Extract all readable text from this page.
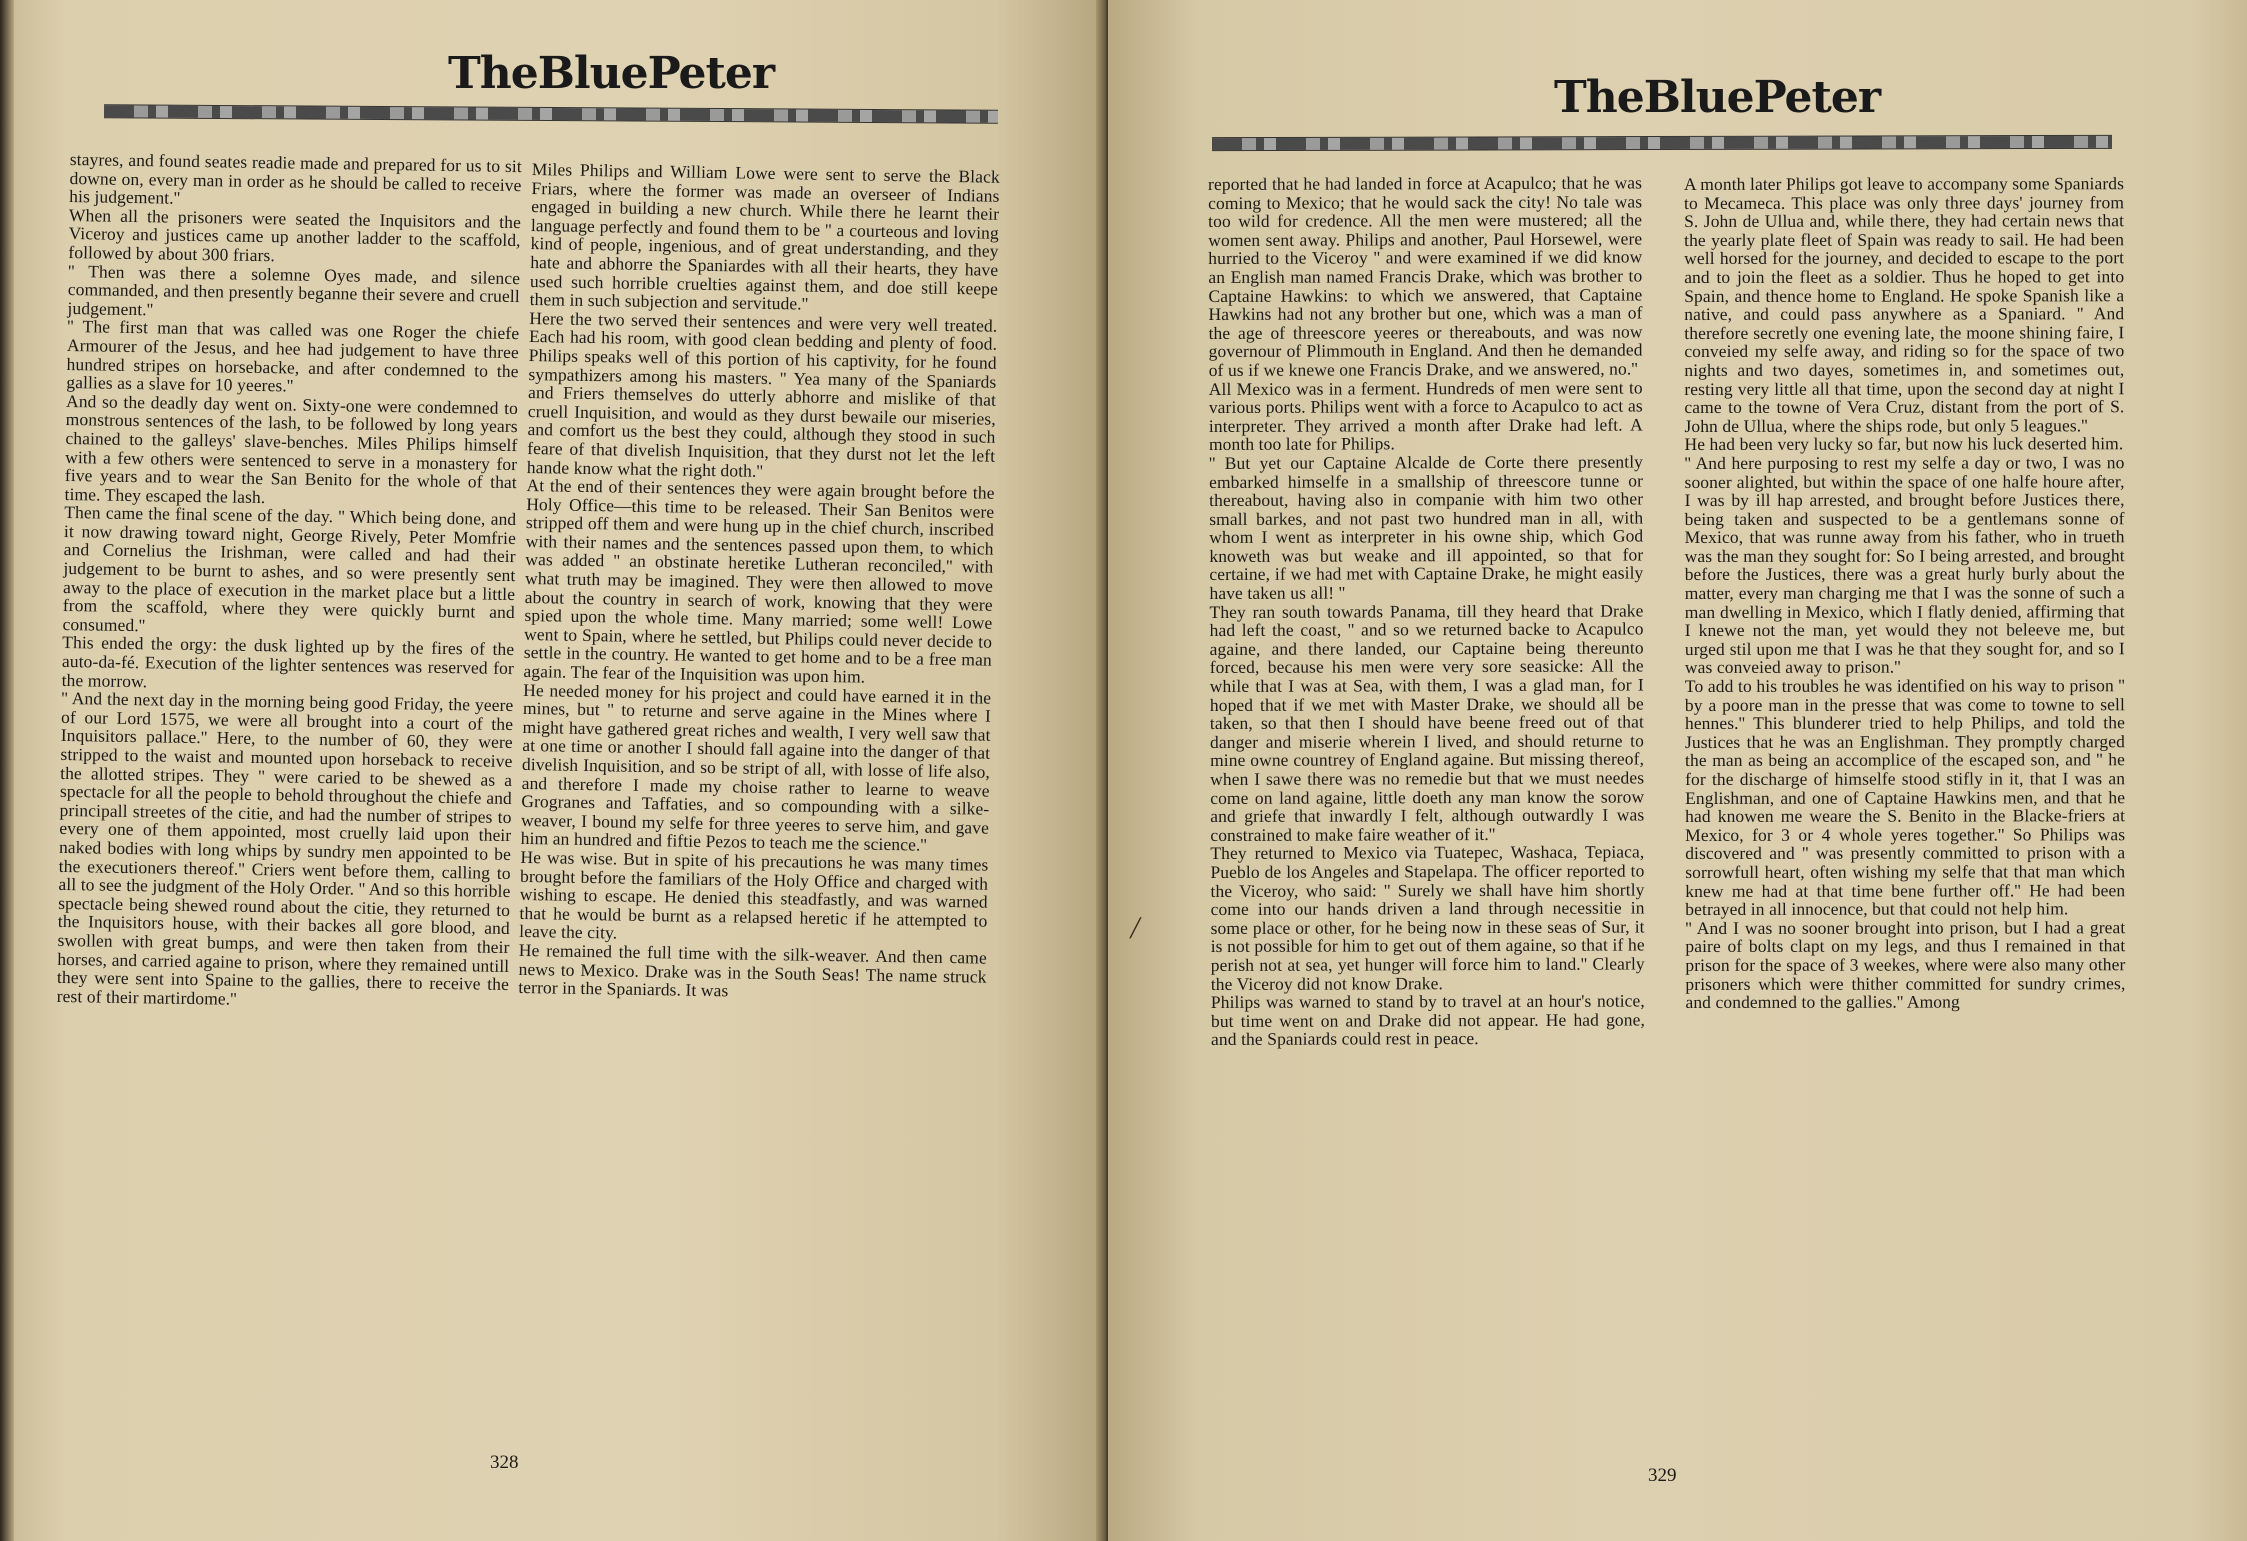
TheBluePeter
stayres, and found seates readie made and prepared for us to sit downe on, every man in order as he should be called to receive his judgement.''
When all the prisoners were seated the Inquisitors and the Viceroy and justices came up another ladder to the scaffold, followed by about 300 friars.
'' Then was there a solemne Oyes made, and silence commanded, and then presently beganne their severe and cruell judgement.''
'' The first man that was called was one Roger the chiefe Armourer of the Jesus, and hee had judgement to have three hundred stripes on horsebacke, and after condemned to the gallies as a slave for 10 yeeres.''
And so the deadly day went on. Sixty-one were condemned to monstrous sentences of the lash, to be followed by long years chained to the galleys' slave-benches. Miles Philips himself with a few others were sentenced to serve in a monastery for five years and to wear the San Benito for the whole of that time. They escaped the lash.
Then came the final scene of the day. '' Which being done, and it now drawing toward night, George Rively, Peter Momfrie and Cornelius the Irishman, were called and had their judgement to be burnt to ashes, and so were presently sent away to the place of execution in the market place but a little from the scaffold, where they were quickly burnt and consumed.''
This ended the orgy: the dusk lighted up by the fires of the auto-da-fé. Execution of the lighter sentences was reserved for the morrow.
'' And the next day in the morning being good Friday, the yeere of our Lord 1575, we were all brought into a court of the Inquisitors pallace.'' Here, to the number of 60, they were stripped to the waist and mounted upon horseback to receive the allotted stripes. They '' were caried to be shewed as a spectacle for all the people to behold throughout the chiefe and principall streetes of the citie, and had the number of stripes to every one of them appointed, most cruelly laid upon their naked bodies with long whips by sundry men appointed to be the executioners thereof.'' Criers went before them, calling to all to see the judgment of the Holy Order. '' And so this horrible spectacle being shewed round about the citie, they returned to the Inquisitors house, with their backes all gore blood, and swollen with great bumps, and were then taken from their horses, and carried againe to prison, where they remained untill they were sent into Spaine to the gallies, there to receive the rest of their martirdome.''
Miles Philips and William Lowe were sent to serve the Black Friars, where the former was made an overseer of Indians engaged in building a new church. While there he learnt their language perfectly and found them to be '' a courteous and loving kind of people, ingenious, and of great understanding, and they hate and abhorre the Spaniardes with all their hearts, they have used such horrible cruelties against them, and doe still keepe them in such subjection and servitude.''
Here the two served their sentences and were very well treated. Each had his room, with good clean bedding and plenty of food. Philips speaks well of this portion of his captivity, for he found sympathizers among his masters. '' Yea many of the Spaniards and Friers themselves do utterly abhorre and mislike of that cruell Inquisition, and would as they durst bewaile our miseries, and comfort us the best they could, although they stood in such feare of that divelish Inquisition, that they durst not let the left hande know what the right doth.''
At the end of their sentences they were again brought before the Holy Office—this time to be released. Their San Benitos were stripped off them and were hung up in the chief church, inscribed with their names and the sentences passed upon them, to which was added '' an obstinate heretike Lutheran reconciled,'' with what truth may be imagined. They were then allowed to move about the country in search of work, knowing that they were spied upon the whole time. Many married; some well! Lowe went to Spain, where he settled, but Philips could never decide to settle in the country. He wanted to get home and to be a free man again. The fear of the Inquisition was upon him.
He needed money for his project and could have earned it in the mines, but '' to returne and serve againe in the Mines where I might have gathered great riches and wealth, I very well saw that at one time or another I should fall againe into the danger of that divelish Inquisition, and so be stript of all, with losse of life also, and therefore I made my choise rather to learne to weave Grogranes and Taffaties, and so compounding with a silke-weaver, I bound my selfe for three yeeres to serve him, and gave him an hundred and fiftie Pezos to teach me the science.''
He was wise. But in spite of his precautions he was many times brought before the familiars of the Holy Office and charged with wishing to escape. He denied this steadfastly, and was warned that he would be burnt as a relapsed heretic if he attempted to leave the city.
He remained the full time with the silk-weaver. And then came news to Mexico. Drake was in the South Seas! The name struck terror in the Spaniards. It was
328
TheBluePeter
reported that he had landed in force at Acapulco; that he was coming to Mexico; that he would sack the city! No tale was too wild for credence. All the men were mustered; all the women sent away. Philips and another, Paul Horsewel, were hurried to the Viceroy '' and were examined if we did know an English man named Francis Drake, which was brother to Captaine Hawkins: to which we answered, that Captaine Hawkins had not any brother but one, which was a man of the age of threescore yeeres or thereabouts, and was now governour of Plimmouth in England. And then he demanded of us if we knewe one Francis Drake, and we answered, no.''
All Mexico was in a ferment. Hundreds of men were sent to various ports. Philips went with a force to Acapulco to act as interpreter. They arrived a month after Drake had left. A month too late for Philips.
'' But yet our Captaine Alcalde de Corte there presently embarked himselfe in a smallship of threescore tunne or thereabout, having also in companie with him two other small barkes, and not past two hundred man in all, with whom I went as interpreter in his owne ship, which God knoweth was but weake and ill appointed, so that for certaine, if we had met with Captaine Drake, he might easily have taken us all! ''
They ran south towards Panama, till they heard that Drake had left the coast, '' and so we returned backe to Acapulco againe, and there landed, our Captaine being thereunto forced, because his men were very sore seasicke: All the while that I was at Sea, with them, I was a glad man, for I hoped that if we met with Master Drake, we should all be taken, so that then I should have beene freed out of that danger and miserie wherein I lived, and should returne to mine owne countrey of England againe. But missing thereof, when I sawe there was no remedie but that we must needes come on land againe, little doeth any man know the sorow and griefe that inwardly I felt, although outwardly I was constrained to make faire weather of it.''
They returned to Mexico via Tuatepec, Washaca, Tepiaca, Pueblo de los Angeles and Stapelapa. The officer reported to the Viceroy, who said: '' Surely we shall have him shortly come into our hands driven a land through necessitie in some place or other, for he being now in these seas of Sur, it is not possible for him to get out of them againe, so that if he perish not at sea, yet hunger will force him to land.'' Clearly the Viceroy did not know Drake.
Philips was warned to stand by to travel at an hour's notice, but time went on and Drake did not appear. He had gone, and the Spaniards could rest in peace.
A month later Philips got leave to accompany some Spaniards to Mecameca. This place was only three days' journey from S. John de Ullua and, while there, they had certain news that the yearly plate fleet of Spain was ready to sail. He had been well horsed for the journey, and decided to escape to the port and to join the fleet as a soldier. Thus he hoped to get into Spain, and thence home to England. He spoke Spanish like a native, and could pass anywhere as a Spaniard. '' And therefore secretly one evening late, the moone shining faire, I conveied my selfe away, and riding so for the space of two nights and two dayes, sometimes in, and sometimes out, resting very little all that time, upon the second day at night I came to the towne of Vera Cruz, distant from the port of S. John de Ullua, where the ships rode, but only 5 leagues.''
He had been very lucky so far, but now his luck deserted him.
'' And here purposing to rest my selfe a day or two, I was no sooner alighted, but within the space of one halfe houre after, I was by ill hap arrested, and brought before Justices there, being taken and suspected to be a gentlemans sonne of Mexico, that was runne away from his father, who in trueth was the man they sought for: So I being arrested, and brought before the Justices, there was a great hurly burly about the matter, every man charging me that I was the sonne of such a man dwelling in Mexico, which I flatly denied, affirming that I knewe not the man, yet would they not beleeve me, but urged stil upon me that I was he that they sought for, and so I was conveied away to prison.''
To add to his troubles he was identified on his way to prison '' by a poore man in the presse that was come to towne to sell hennes.'' This blunderer tried to help Philips, and told the Justices that he was an Englishman. They promptly charged the man as being an accomplice of the escaped son, and '' he for the discharge of himselfe stood stifly in it, that I was an Englishman, and one of Captaine Hawkins men, and that he had knowen me weare the S. Benito in the Blacke-friers at Mexico, for 3 or 4 whole yeres together.'' So Philips was discovered and '' was presently committed to prison with a sorrowfull heart, often wishing my selfe that that man which knew me had at that time bene further off.'' He had been betrayed in all innocence, but that could not help him.
'' And I was no sooner brought into prison, but I had a great paire of bolts clapt on my legs, and thus I remained in that prison for the space of 3 weekes, where were also many other prisoners which were thither committed for sundry crimes, and condemned to the gallies.'' Among
╱
329
